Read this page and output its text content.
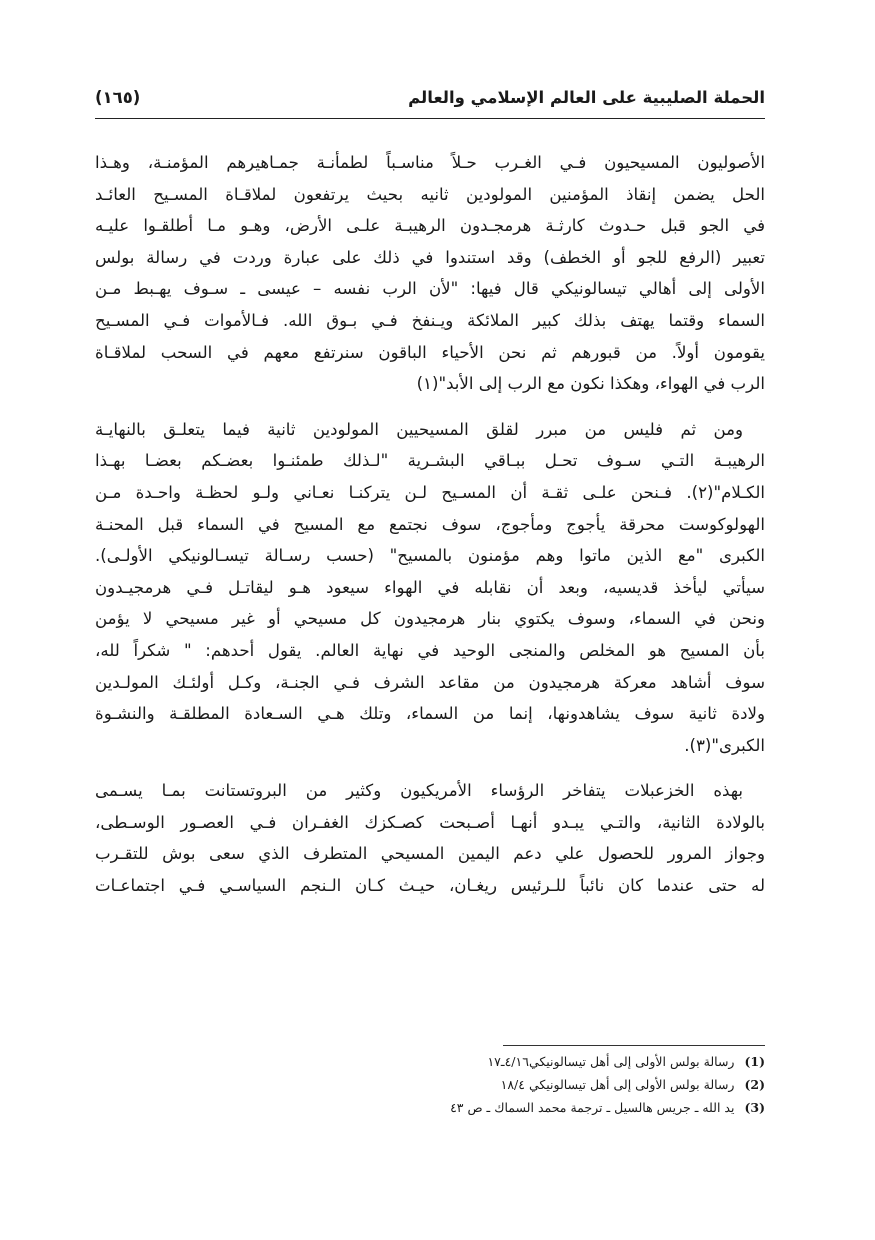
الحملة الصليبية على العالم الإسلامي والعالم
(١٦٥)

الأصوليون المسيحيون فـي الغـرب حـلاً مناسـباً لطمأنـة جمـاهيرهم المؤمنـة، وهـذا
الحل يضمن إنقاذ المؤمنين المولودين ثانيه بحيث يرتفعون لملاقـاة المسـيح العائـد
في الجو قبل حـدوث كارثـة هرمجـدون الرهيبـة علـى الأرض، وهـو مـا أطلقـوا عليـه
تعبير (الرفع للجو أو الخطف) وقد استندوا في ذلك على عبارة وردت في رسالة بولس
الأولى إلى أهالي تيسالونيكي قال فيها: "لأن الرب نفسه – عيسى ـ سـوف يهـبط مـن
السماء وقتما يهتف بذلك كبير الملائكة ويـنفخ فـي بـوق الله. فـالأموات فـي المسـيح
يقومون أولاً. من قبورهم ثم نحن الأحياء الباقون سنرتفع معهم في السحب لملاقـاة
الرب في الهواء، وهكذا نكون مع الرب إلى الأبد"(١)

ومن ثم فليس من مبرر لقلق المسيحيين المولودين ثانية فيما يتعلـق بالنهايـة
الرهيبـة التـي سـوف تحـل ببـاقي البشـرية "لـذلك طمئنـوا بعضـكم بعضـا بهـذا
الكـلام"(٢). فـنحن علـى ثقـة أن المسـيح لـن يتركنـا نعـاني ولـو لحظـة واحـدة مـن
الهولوكوست محرقة يأجوج ومأجوج، سوف نجتمع مع المسيح في السماء قبل المحنـة
الكبرى "مع الذين ماتوا وهم مؤمنون بالمسيح" (حسب رسـالة تيسـالونيكي الأولـى).
سيأتي ليأخذ قديسيه، وبعد أن نقابله في الهواء سيعود هـو ليقاتـل فـي هرمجيـدون
ونحن في السماء، وسوف يكتوي بنار هرمجيدون كل مسيحي أو غير مسيحي لا يؤمن
بأن المسيح هو المخلص والمنجى الوحيد في نهاية العالم. يقول أحدهم: " شكراً لله،
سوف أشاهد معركة هرمجيدون من مقاعد الشرف فـي الجنـة، وكـل أولئـك المولـدين
ولادة ثانية سوف يشاهدونها، إنما من السماء، وتلك هـي السـعادة المطلقـة والنشـوة
الكبرى"(٣).

بهذه الخزعبلات يتفاخر الرؤساء الأمريكيون وكثير من البروتستانت بمـا يسـمى
بالولادة الثانية، والتـي يبـدو أنهـا أصـبحت كصـكزك الغفـران فـي العصـور الوسـطى،
وجواز المرور للحصول علي دعم اليمين المسيحي المتطرف الذي سعى بوش للتقـرب
له حتى عندما كان نائباً للـرئيس ريغـان، حيـث كـان الـنجم السياسـي فـي اجتماعـات

(1) رسالة بولس الأولى إلى أهل تيسالونيكي٤/١٦ـ١٧
(2) رسالة بولس الأولى إلى أهل تيسالونيكي ١٨/٤
(3) يد الله ـ جريس هالسيل ـ ترجمة محمد السماك ـ ص ٤٣
